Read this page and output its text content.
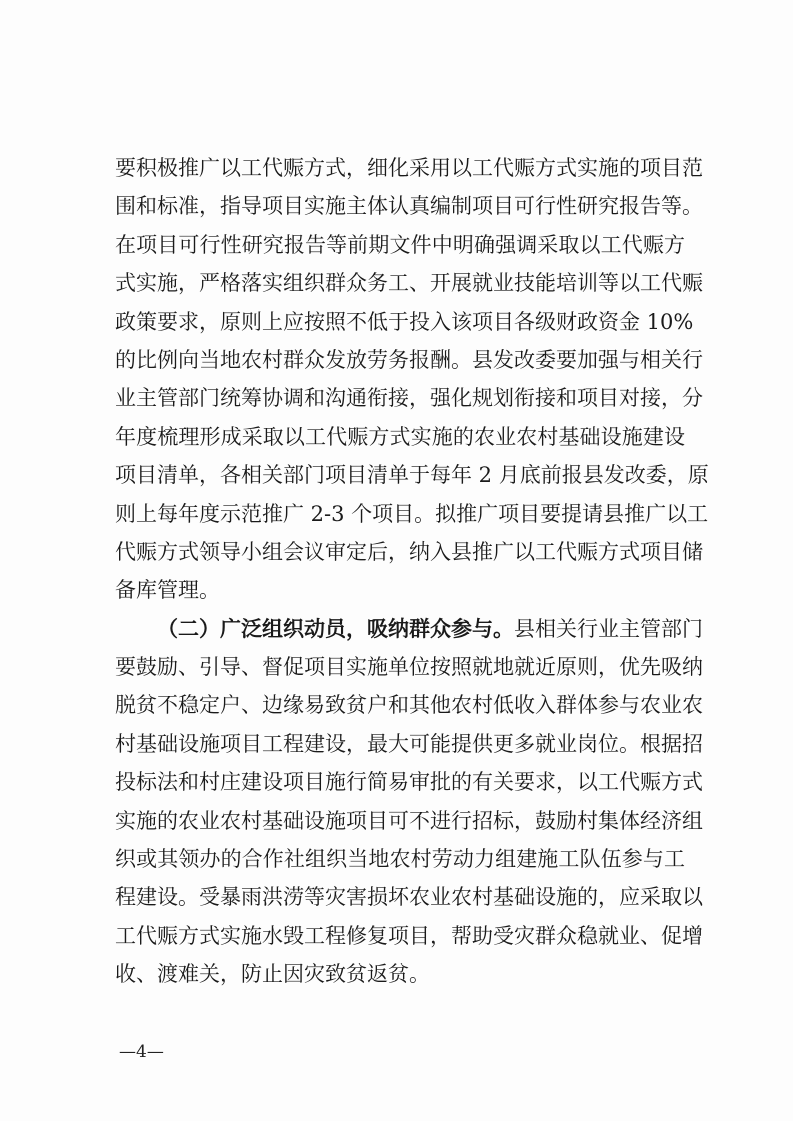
要积极推广以工代赈方式，细化采用以工代赈方式实施的项目范
围和标准，指导项目实施主体认真编制项目可行性研究报告等。
在项目可行性研究报告等前期文件中明确强调采取以工代赈方
式实施，严格落实组织群众务工、开展就业技能培训等以工代赈
政策要求，原则上应按照不低于投入该项目各级财政资金 10%
的比例向当地农村群众发放劳务报酬。县发改委要加强与相关行
业主管部门统筹协调和沟通衔接，强化规划衔接和项目对接，分
年度梳理形成采取以工代赈方式实施的农业农村基础设施建设
项目清单，各相关部门项目清单于每年 2 月底前报县发改委，原
则上每年度示范推广 2-3 个项目。拟推广项目要提请县推广以工
代赈方式领导小组会议审定后，纳入县推广以工代赈方式项目储
备库管理。
（二）广泛组织动员，吸纳群众参与。县相关行业主管部门
要鼓励、引导、督促项目实施单位按照就地就近原则，优先吸纳
脱贫不稳定户、边缘易致贫户和其他农村低收入群体参与农业农
村基础设施项目工程建设，最大可能提供更多就业岗位。根据招
投标法和村庄建设项目施行简易审批的有关要求，以工代赈方式
实施的农业农村基础设施项目可不进行招标，鼓励村集体经济组
织或其领办的合作社组织当地农村劳动力组建施工队伍参与工
程建设。受暴雨洪涝等灾害损坏农业农村基础设施的，应采取以
工代赈方式实施水毁工程修复项目，帮助受灾群众稳就业、促增
收、渡难关，防止因灾致贫返贫。
—4—
